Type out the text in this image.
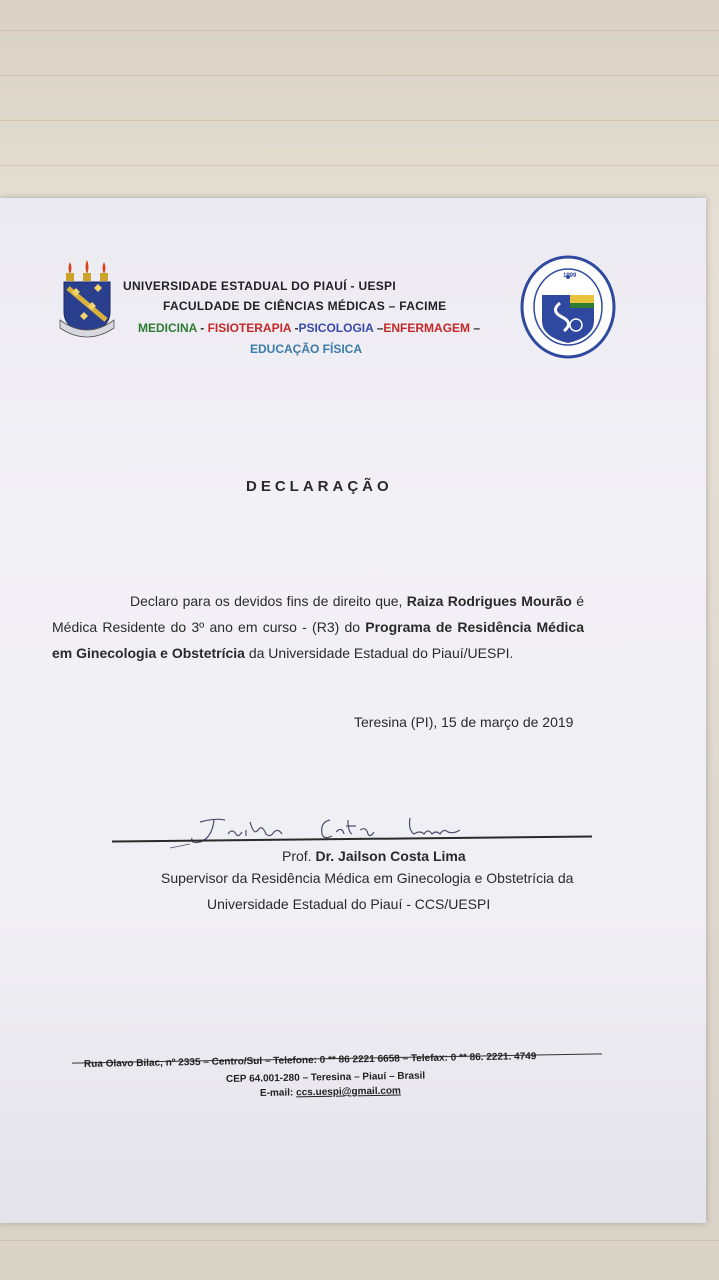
UNIVERSIDADE ESTADUAL DO PIAUÍ - UESPI
FACULDADE DE CIÊNCIAS MÉDICAS – FACIME
MEDICINA - FISIOTERAPIA -PSICOLOGIA –ENFERMAGEM –
EDUCAÇÃO FÍSICA
1999
DECLARAÇÃO
Declaro para os devidos fins de direito que, Raiza Rodrigues Mourão é Médica Residente do 3º ano em curso - (R3) do Programa de Residência Médica em Ginecologia e Obstetrícia da Universidade Estadual do Piauí/UESPI.
Teresina (PI), 15 de março de 2019
Prof. Dr. Jailson Costa Lima
Supervisor da Residência Médica em Ginecologia e Obstetrícia da
Universidade Estadual do Piauí - CCS/UESPI
Rua Olavo Bilac, nº 2335 – Centro/Sul – Telefone: 0 ** 86 2221 6658 – Telefax: 0 ** 86. 2221. 4749
CEP 64.001-280 – Teresina – Piauí – Brasil
E-mail: ccs.uespi@gmail.com
